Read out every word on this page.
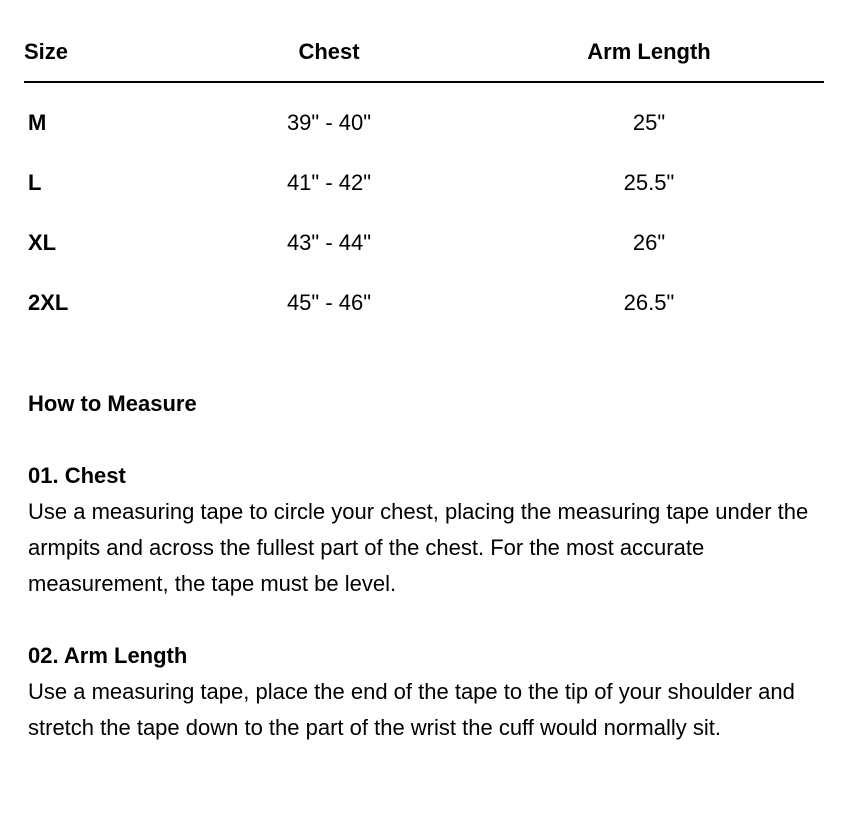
Size	Chest	Arm Length
M	39" - 40"	25"
L	41" - 42"	25.5"
XL	43" - 44"	26"
2XL	45" - 46"	26.5"
How to Measure
01. Chest

Use a measuring tape to circle your chest, placing the measuring tape under the armpits and across the fullest part of the chest. For the most accurate measurement, the tape must be level.

02. Arm Length

Use a measuring tape, place the end of the tape to the tip of your shoulder and stretch the tape down to the part of the wrist the cuff would normally sit.
